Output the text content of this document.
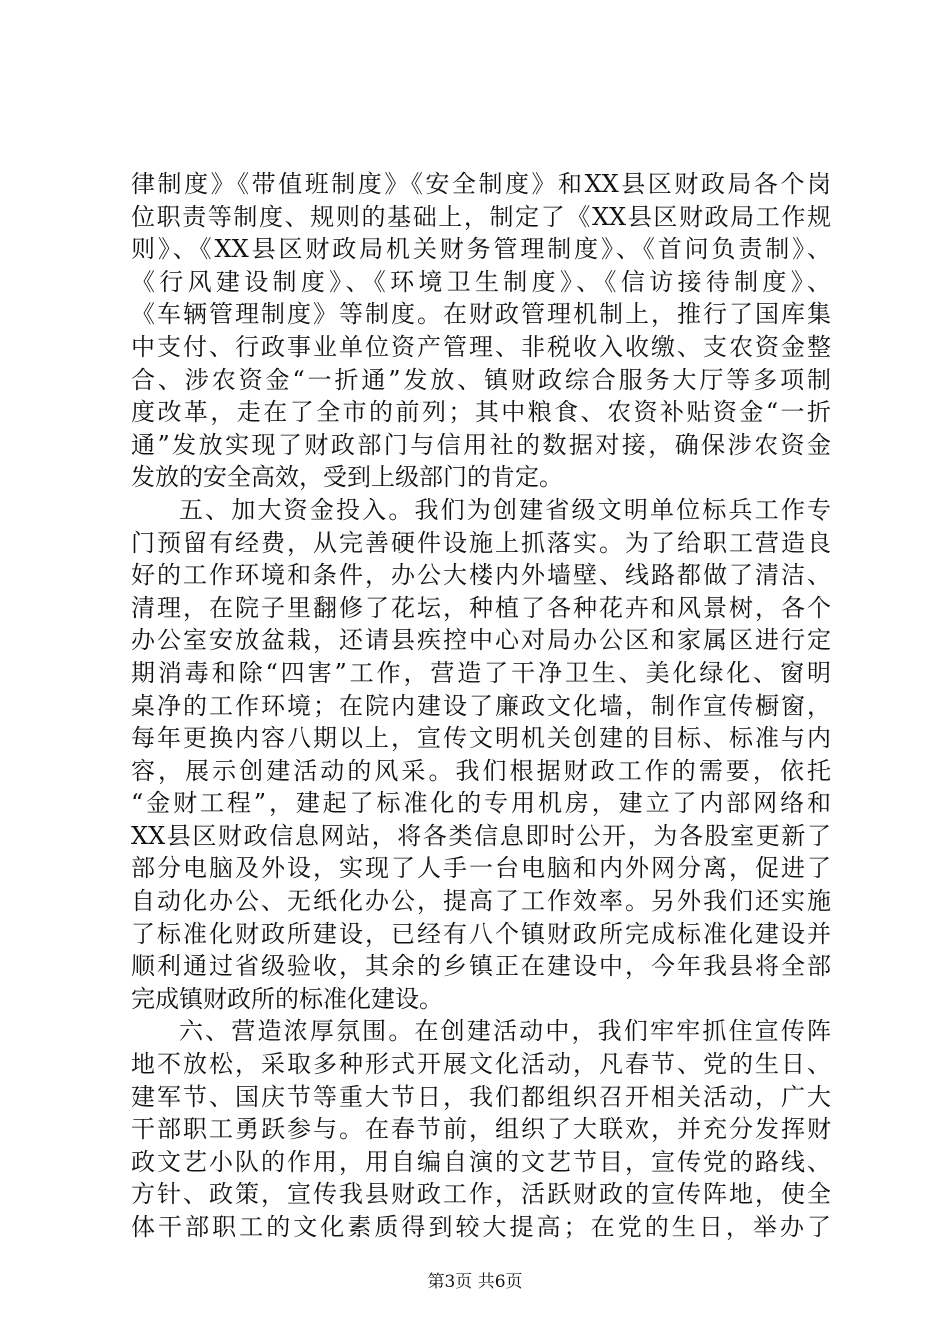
律制度》《带值班制度》《安全制度》和XX县区财政局各个岗
位职责等制度、规则的基础上，制定了《XX县区财政局工作规
则》、《XX县区财政局机关财务管理制度》、《首问负责制》、
《行风建设制度》、《环境卫生制度》、《信访接待制度》、
《车辆管理制度》等制度。在财政管理机制上，推行了国库集
中支付、行政事业单位资产管理、非税收入收缴、支农资金整
合、涉农资金“一折通”发放、镇财政综合服务大厅等多项制
度改革，走在了全市的前列；其中粮食、农资补贴资金“一折
通”发放实现了财政部门与信用社的数据对接，确保涉农资金
发放的安全高效，受到上级部门的肯定。
五、加大资金投入。我们为创建省级文明单位标兵工作专
门预留有经费，从完善硬件设施上抓落实。为了给职工营造良
好的工作环境和条件，办公大楼内外墙壁、线路都做了清洁、
清理，在院子里翻修了花坛，种植了各种花卉和风景树，各个
办公室安放盆栽，还请县疾控中心对局办公区和家属区进行定
期消毒和除“四害”工作，营造了干净卫生、美化绿化、窗明
桌净的工作环境；在院内建设了廉政文化墙，制作宣传橱窗，
每年更换内容八期以上，宣传文明机关创建的目标、标准与内
容，展示创建活动的风采。我们根据财政工作的需要，依托
“金财工程”，建起了标准化的专用机房，建立了内部网络和
XX县区财政信息网站，将各类信息即时公开，为各股室更新了
部分电脑及外设，实现了人手一台电脑和内外网分离，促进了
自动化办公、无纸化办公，提高了工作效率。另外我们还实施
了标准化财政所建设，已经有八个镇财政所完成标准化建设并
顺利通过省级验收，其余的乡镇正在建设中，今年我县将全部
完成镇财政所的标准化建设。
六、营造浓厚氛围。在创建活动中，我们牢牢抓住宣传阵
地不放松，采取多种形式开展文化活动，凡春节、党的生日、
建军节、国庆节等重大节日，我们都组织召开相关活动，广大
干部职工勇跃参与。在春节前，组织了大联欢，并充分发挥财
政文艺小队的作用，用自编自演的文艺节目，宣传党的路线、
方针、政策，宣传我县财政工作，活跃财政的宣传阵地，使全
体干部职工的文化素质得到较大提高；在党的生日，举办了
第3页 共6页
